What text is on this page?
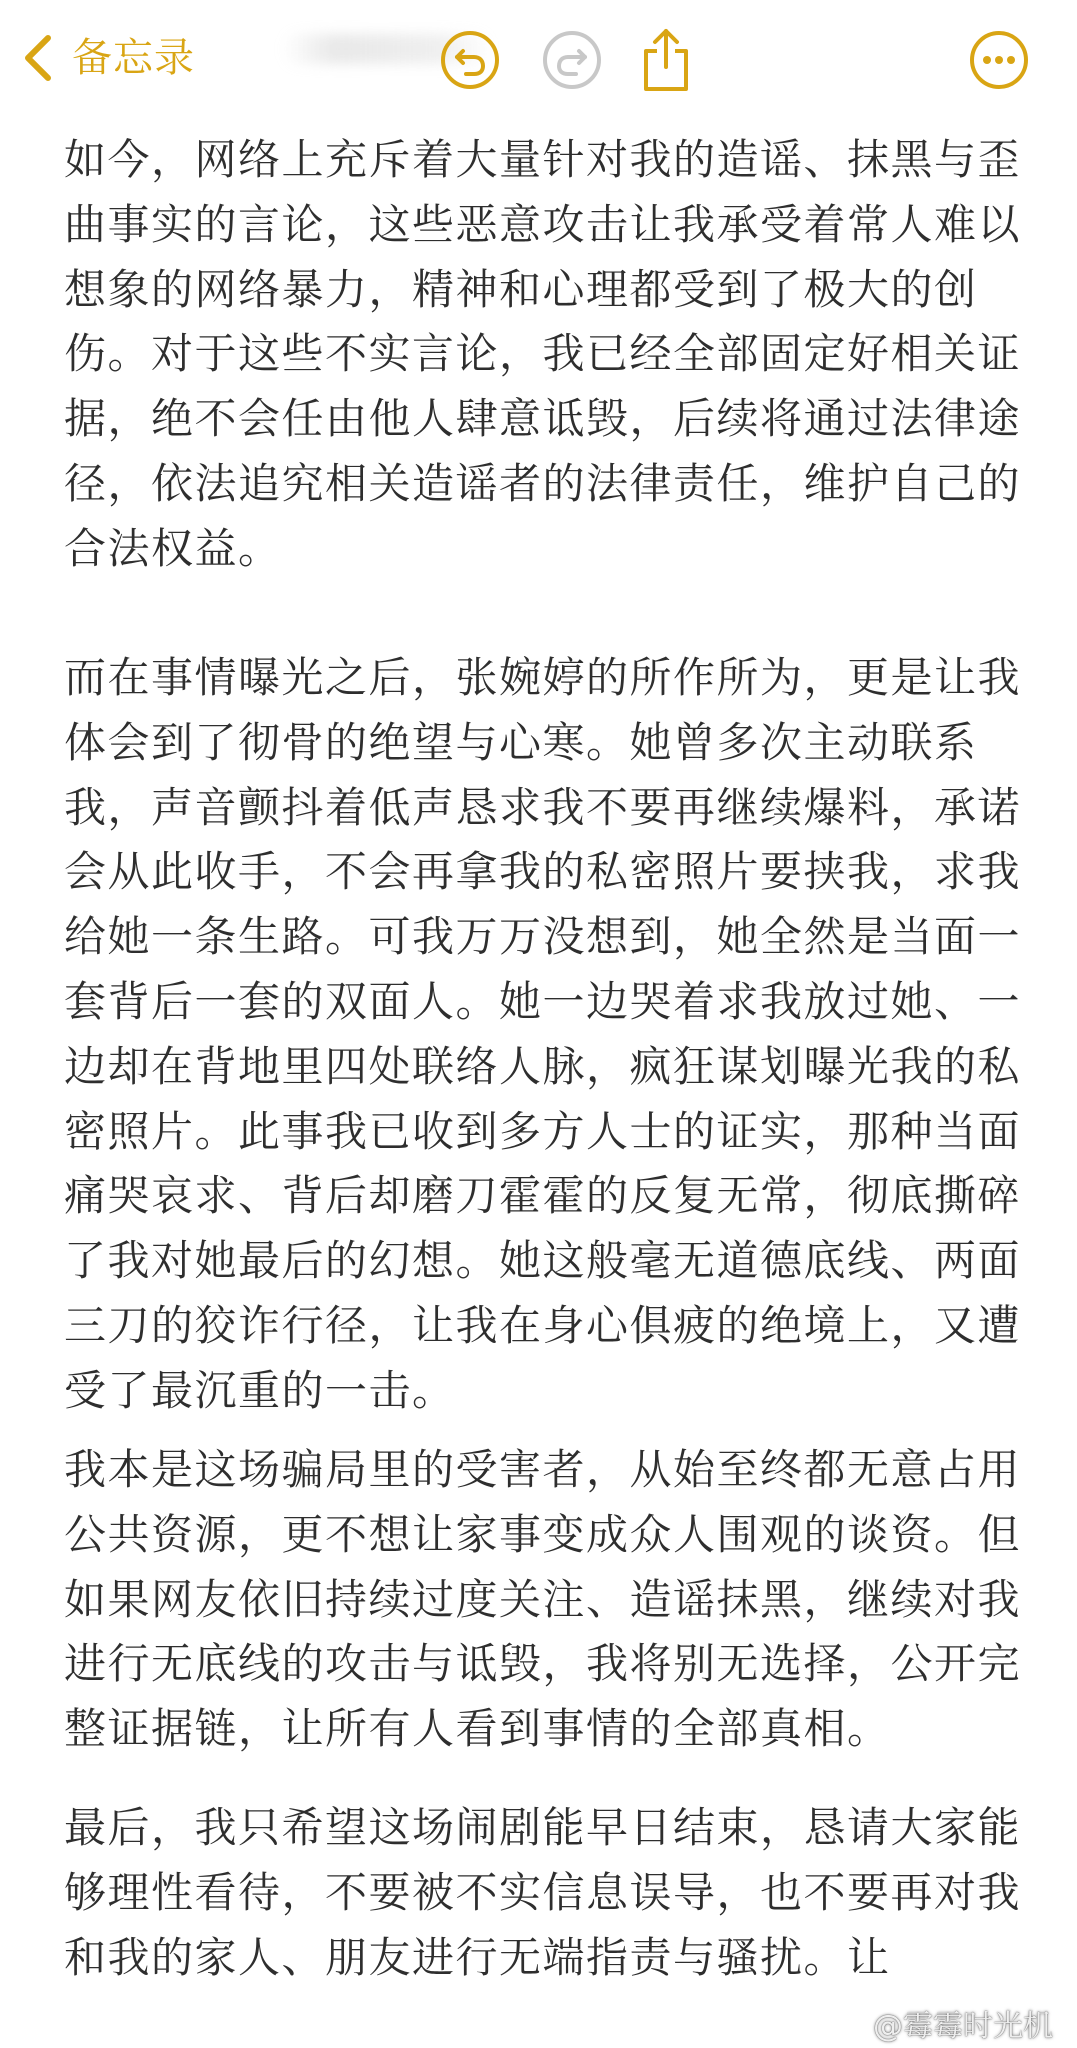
备忘录
如今，网络上充斥着大量针对我的造谣、抹黑与歪
曲事实的言论，这些恶意攻击让我承受着常人难以
想象的网络暴力，精神和心理都受到了极大的创
伤。对于这些不实言论，我已经全部固定好相关证
据，绝不会任由他人肆意诋毁，后续将通过法律途
径，依法追究相关造谣者的法律责任，维护自己的
合法权益。
而在事情曝光之后，张婉婷的所作所为，更是让我
体会到了彻骨的绝望与心寒。她曾多次主动联系
我，声音颤抖着低声恳求我不要再继续爆料，承诺
会从此收手，不会再拿我的私密照片要挟我，求我
给她一条生路。可我万万没想到，她全然是当面一
套背后一套的双面人。她一边哭着求我放过她、一
边却在背地里四处联络人脉，疯狂谋划曝光我的私
密照片。此事我已收到多方人士的证实，那种当面
痛哭哀求、背后却磨刀霍霍的反复无常，彻底撕碎
了我对她最后的幻想。她这般毫无道德底线、两面
三刀的狡诈行径，让我在身心俱疲的绝境上，又遭
受了最沉重的一击。
我本是这场骗局里的受害者，从始至终都无意占用
公共资源，更不想让家事变成众人围观的谈资。但
如果网友依旧持续过度关注、造谣抹黑，继续对我
进行无底线的攻击与诋毁，我将别无选择，公开完
整证据链，让所有人看到事情的全部真相。
最后，我只希望这场闹剧能早日结束，恳请大家能
够理性看待，不要被不实信息误导，也不要再对我
和我的家人、朋友进行无端指责与骚扰。让
@霉霉时光机
